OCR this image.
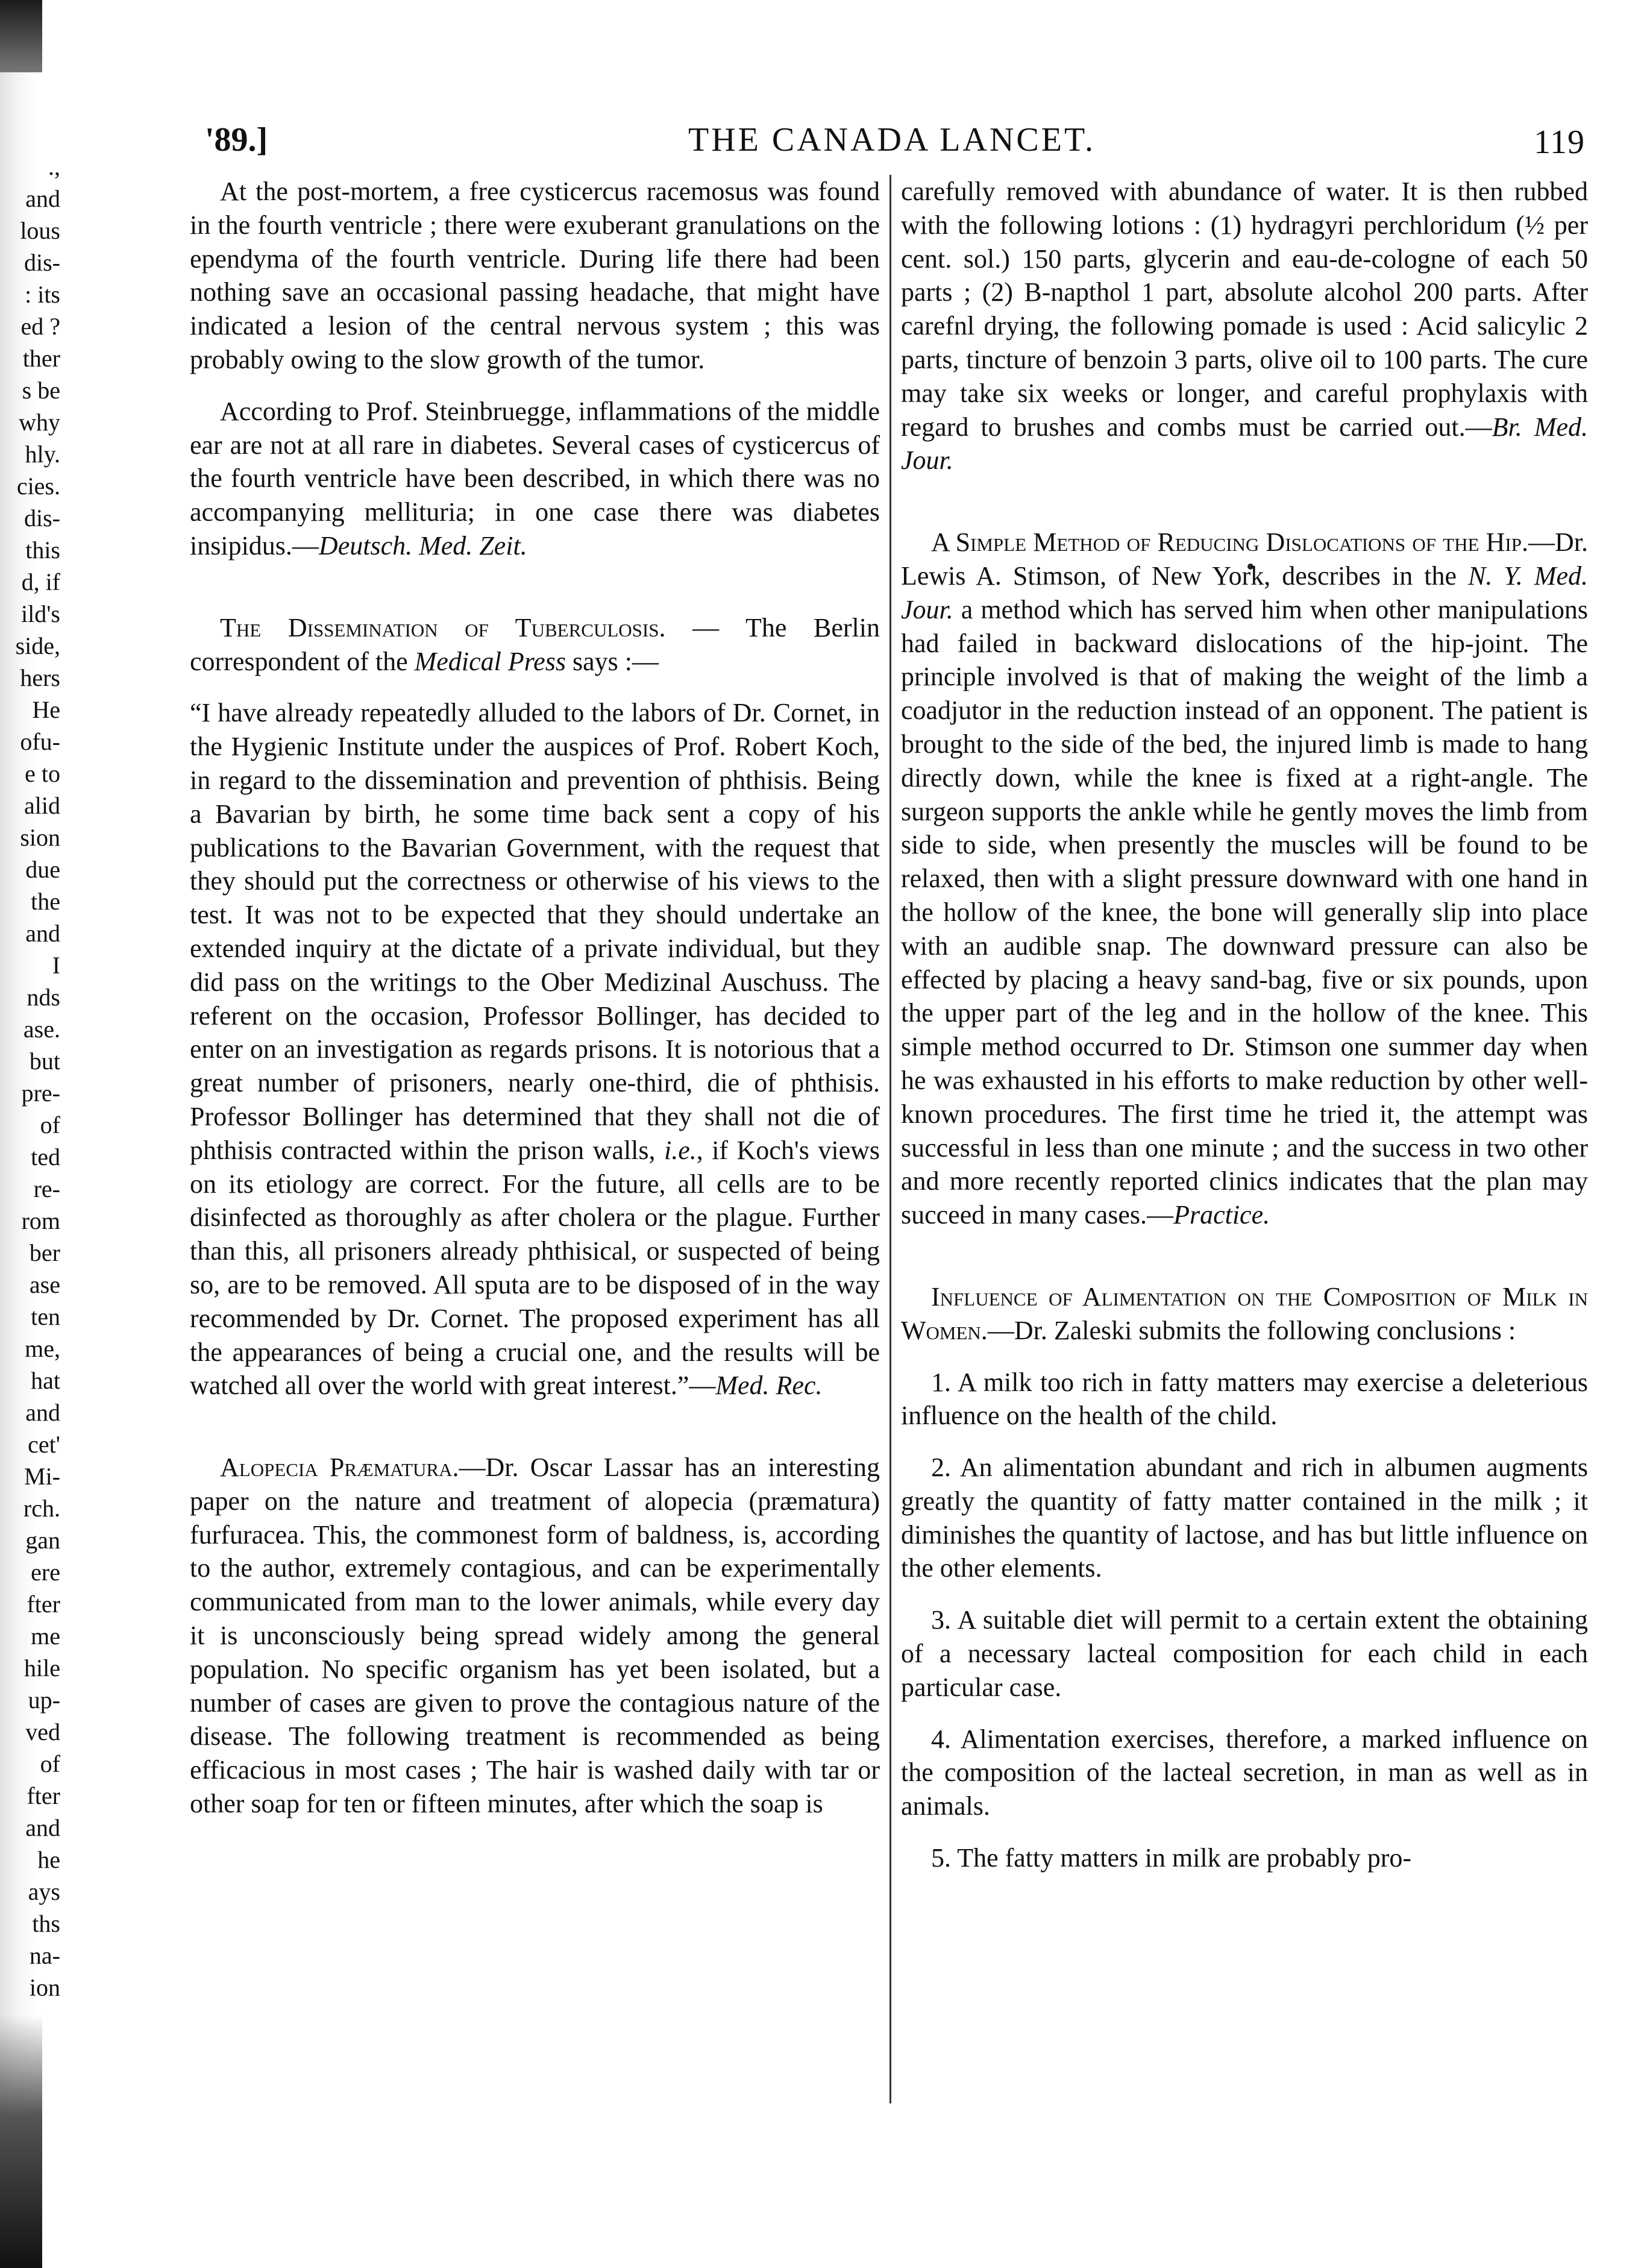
.,
and
lous
dis-
: its
ed ?
ther
s be
why
hly.
cies.
dis-
this
d, if
ild's
side,
hers
He
ofu-
e to
alid
sion
due
the
and
I
nds
ase.
but
pre-
of
ted
re-
rom
ber
ase
ten
me,
hat
and
cet'
Mi-
rch.
gan
ere
fter
me
hile
up-
ved
of
fter
and
he
ays
ths
na-
ion
'89.]	THE CANADA LANCET.	119

At the post-mortem, a free cysticercus racemosus was found in the fourth ventricle ; there were exuberant granulations on the ependyma of the fourth ventricle. During life there had been nothing save an occasional passing headache, that might have indicated a lesion of the central nervous system ; this was probably owing to the slow growth of the tumor.

According to Prof. Steinbruegge, inflammations of the middle ear are not at all rare in diabetes. Several cases of cysticercus of the fourth ventricle have been described, in which there was no accompanying mellituria; in one case there was diabetes insipidus.—Deutsch. Med. Zeit.

The Dissemination of Tuberculosis. — The Berlin correspondent of the Medical Press says :—

“I have already repeatedly alluded to the labors of Dr. Cornet, in the Hygienic Institute under the auspices of Prof. Robert Koch, in regard to the dissemination and prevention of phthisis. Being a Bavarian by birth, he some time back sent a copy of his publications to the Bavarian Government, with the request that they should put the correctness or otherwise of his views to the test. It was not to be expected that they should undertake an extended inquiry at the dictate of a private individual, but they did pass on the writings to the Ober Medizinal Auschuss. The referent on the occasion, Professor Bollinger, has decided to enter on an investigation as regards prisons. It is notorious that a great number of prisoners, nearly one-third, die of phthisis. Professor Bollinger has determined that they shall not die of phthisis contracted within the prison walls, i.e., if Koch's views on its etiology are correct. For the future, all cells are to be disinfected as thoroughly as after cholera or the plague. Further than this, all prisoners already phthisical, or suspected of being so, are to be removed. All sputa are to be disposed of in the way recommended by Dr. Cornet. The proposed experiment has all the appearances of being a crucial one, and the results will be watched all over the world with great interest.”—Med. Rec.

Alopecia Præmatura.—Dr. Oscar Lassar has an interesting paper on the nature and treatment of alopecia (præmatura) furfuracea. This, the commonest form of baldness, is, according to the author, extremely contagious, and can be experimentally communicated from man to the lower animals, while every day it is unconsciously being spread widely among the general population. No specific organism has yet been isolated, but a number of cases are given to prove the contagious nature of the disease. The following treatment is recommended as being efficacious in most cases ; The hair is washed daily with tar or other soap for ten or fifteen minutes, after which the soap is

carefully removed with abundance of water. It is then rubbed with the following lotions : (1) hydragyri perchloridum (½ per cent. sol.) 150 parts, glycerin and eau-de-cologne of each 50 parts ; (2) B-napthol 1 part, absolute alcohol 200 parts. After carefnl drying, the following pomade is used : Acid salicylic 2 parts, tincture of benzoin 3 parts, olive oil to 100 parts. The cure may take six weeks or longer, and careful prophylaxis with regard to brushes and combs must be carried out.—Br. Med. Jour.

A Simple Method of Reducing Dislocations of the Hip.—Dr. Lewis A. Stimson, of New York, describes in the N. Y. Med. Jour. a method which has served him when other manipulations had failed in backward dislocations of the hip-joint. The principle involved is that of making the weight of the limb a coadjutor in the reduction instead of an opponent. The patient is brought to the side of the bed, the injured limb is made to hang directly down, while the knee is fixed at a right-angle. The surgeon supports the ankle while he gently moves the limb from side to side, when presently the muscles will be found to be relaxed, then with a slight pressure downward with one hand in the hollow of the knee, the bone will generally slip into place with an audible snap. The downward pressure can also be effected by placing a heavy sand-bag, five or six pounds, upon the upper part of the leg and in the hollow of the knee. This simple method occurred to Dr. Stimson one summer day when he was exhausted in his efforts to make reduction by other well-known procedures. The first time he tried it, the attempt was successful in less than one minute ; and the success in two other and more recently reported clinics indicates that the plan may succeed in many cases.—Practice.

Influence of Alimentation on the Composition of Milk in Women.—Dr. Zaleski submits the following conclusions :

1. A milk too rich in fatty matters may exercise a deleterious influence on the health of the child.

2. An alimentation abundant and rich in albumen augments greatly the quantity of fatty matter contained in the milk ; it diminishes the quantity of lactose, and has but little influence on the other elements.

3. A suitable diet will permit to a certain extent the obtaining of a necessary lacteal composition for each child in each particular case.

4. Alimentation exercises, therefore, a marked influence on the composition of the lacteal secretion, in man as well as in animals.

5. The fatty matters in milk are probably pro-
